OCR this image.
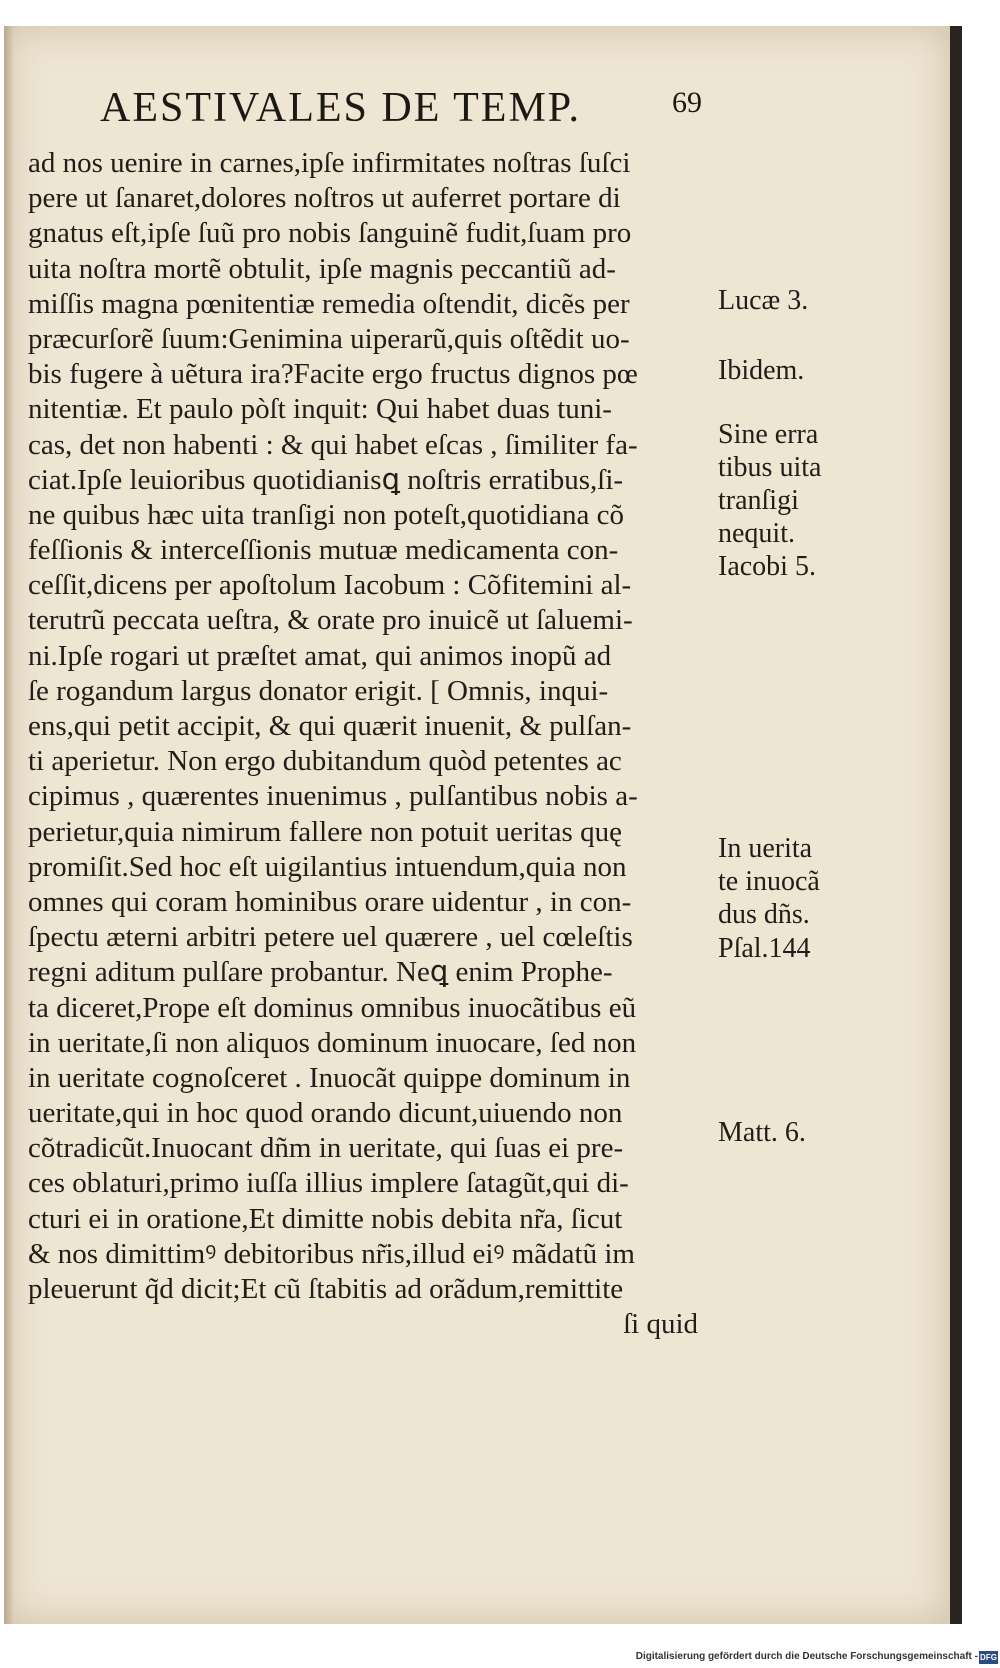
AESTIVALES DE TEMP.	69
ad nos uenire in carnes,ipſe infirmitates noſtras ſuſci
pere ut ſanaret,dolores noſtros ut auferret portare di
gnatus eſt,ipſe ſuũ pro nobis ſanguinẽ fudit,ſuam pro
uita noſtra mortẽ obtulit, ipſe magnis peccantiũ ad-
miſſis magna pœnitentiæ remedia oſtendit, dicẽs per
præcurſorẽ ſuum:Genimina uiperarũ,quis oſtẽdit uo-
bis fugere à uẽtura ira?Facite ergo fructus dignos pœ
nitentiæ. Et paulo pòſt inquit: Qui habet duas tuni-
cas, det non habenti : & qui habet eſcas , ſimiliter fa-
ciat.Ipſe leuioribus quotidianisꝗ noſtris erratibus,ſi-
ne quibus hæc uita tranſigi non poteſt,quotidiana cõ
feſſionis & interceſſionis mutuæ medicamenta con-
ceſſit,dicens per apoſtolum Iacobum : Cõfitemini al-
terutrũ peccata ueſtra, & orate pro inuicẽ ut ſaluemi-
ni.Ipſe rogari ut præſtet amat, qui animos inopũ ad
ſe rogandum largus donator erigit. [ Omnis, inqui-
ens,qui petit accipit, & qui quærit inuenit, & pulſan-
ti aperietur. Non ergo dubitandum quòd petentes ac
cipimus , quærentes inuenimus , pulſantibus nobis a-
perietur,quia nimirum fallere non potuit ueritas quę
promiſit.Sed hoc eſt uigilantius intuendum,quia non
omnes qui coram hominibus orare uidentur , in con-
ſpectu æterni arbitri petere uel quærere , uel cœleſtis
regni aditum pulſare probantur. Neꝗ enim Prophe-
ta diceret,Prope eſt dominus omnibus inuocãtibus eũ
in ueritate,ſi non aliquos dominum inuocare, ſed non
in ueritate cognoſceret . Inuocãt quippe dominum in
ueritate,qui in hoc quod orando dicunt,uiuendo non
cõtradicũt.Inuocant dñm in ueritate, qui ſuas ei pre-
ces oblaturi,primo iuſſa illius implere ſatagũt,qui di-
cturi ei in oratione,Et dimitte nobis debita nr̃a, ſicut
& nos dimittimꝰ debitoribus nr̃is,illud eiꝰ mãdatũ im
pleuerunt q̃d dicit;Et cũ ſtabitis ad orãdum,remittite
ſi quid
Lucæ 3.
Ibidem.
Sine erra
tibus uita
tranſigi
nequit.
Iacobi 5.
In uerita
te inuocã
dus dñs.
Pſal.144
Matt. 6.
Digitalisierung gefördert durch die Deutsche Forschungsgemeinschaft - DFG
